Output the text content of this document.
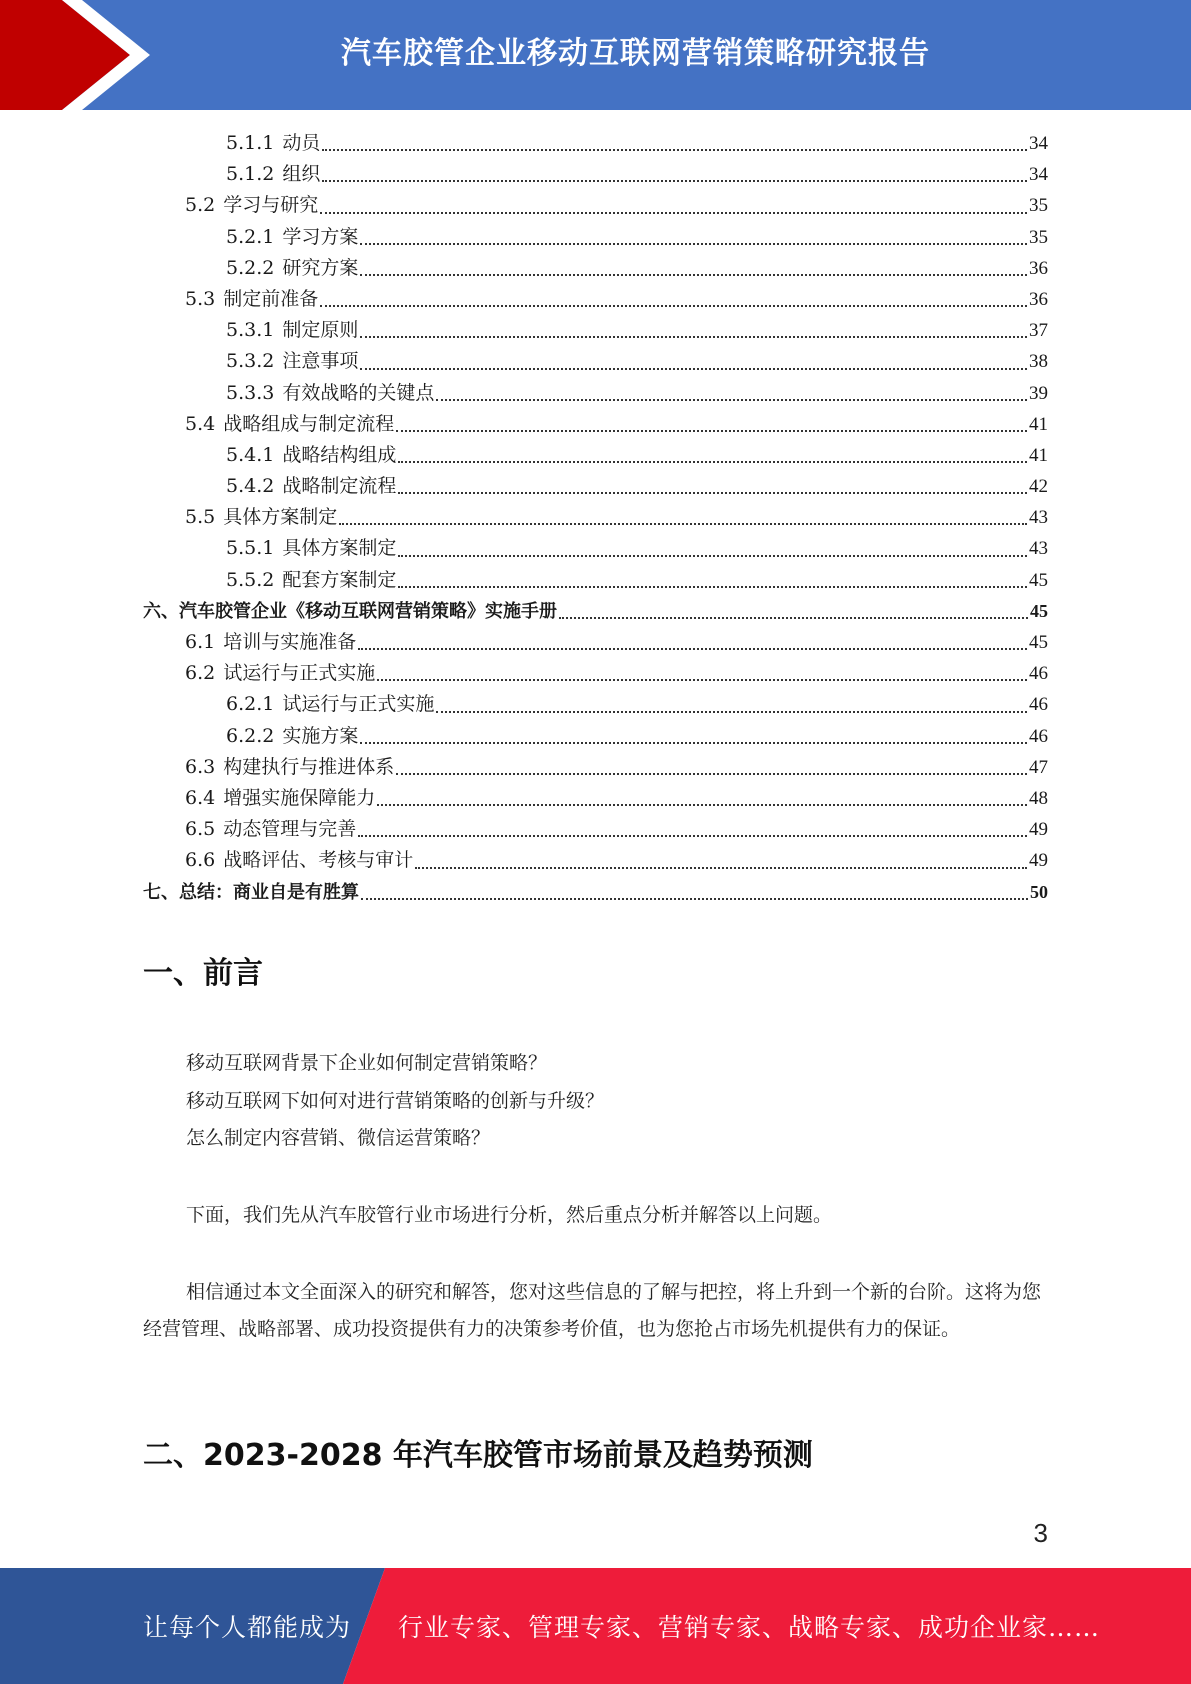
汽车胶管企业移动互联网营销策略研究报告
5.1.1 动员	34
5.1.2 组织	34
5.2 学习与研究	35
5.2.1 学习方案	35
5.2.2 研究方案	36
5.3 制定前准备	36
5.3.1 制定原则	37
5.3.2 注意事项	38
5.3.3 有效战略的关键点	39
5.4 战略组成与制定流程	41
5.4.1 战略结构组成	41
5.4.2 战略制定流程	42
5.5 具体方案制定	43
5.5.1 具体方案制定	43
5.5.2 配套方案制定	45
六、汽车胶管企业《移动互联网营销策略》实施手册	45
6.1 培训与实施准备	45
6.2 试运行与正式实施	46
6.2.1 试运行与正式实施	46
6.2.2 实施方案	46
6.3 构建执行与推进体系	47
6.4 增强实施保障能力	48
6.5 动态管理与完善	49
6.6 战略评估、考核与审计	49
七、总结：商业自是有胜算	50
一、前言

移动互联网背景下企业如何制定营销策略？

移动互联网下如何对进行营销策略的创新与升级？

怎么制定内容营销、微信运营策略？

下面，我们先从汽车胶管行业市场进行分析，然后重点分析并解答以上问题。

相信通过本文全面深入的研究和解答，您对这些信息的了解与把控，将上升到一个新的台阶。这将为您经营管理、战略部署、成功投资提供有力的决策参考价值，也为您抢占市场先机提供有力的保证。

二、2023-2028 年汽车胶管市场前景及趋势预测
3
让每个人都能成为 行业专家、管理专家、营销专家、战略专家、成功企业家……
